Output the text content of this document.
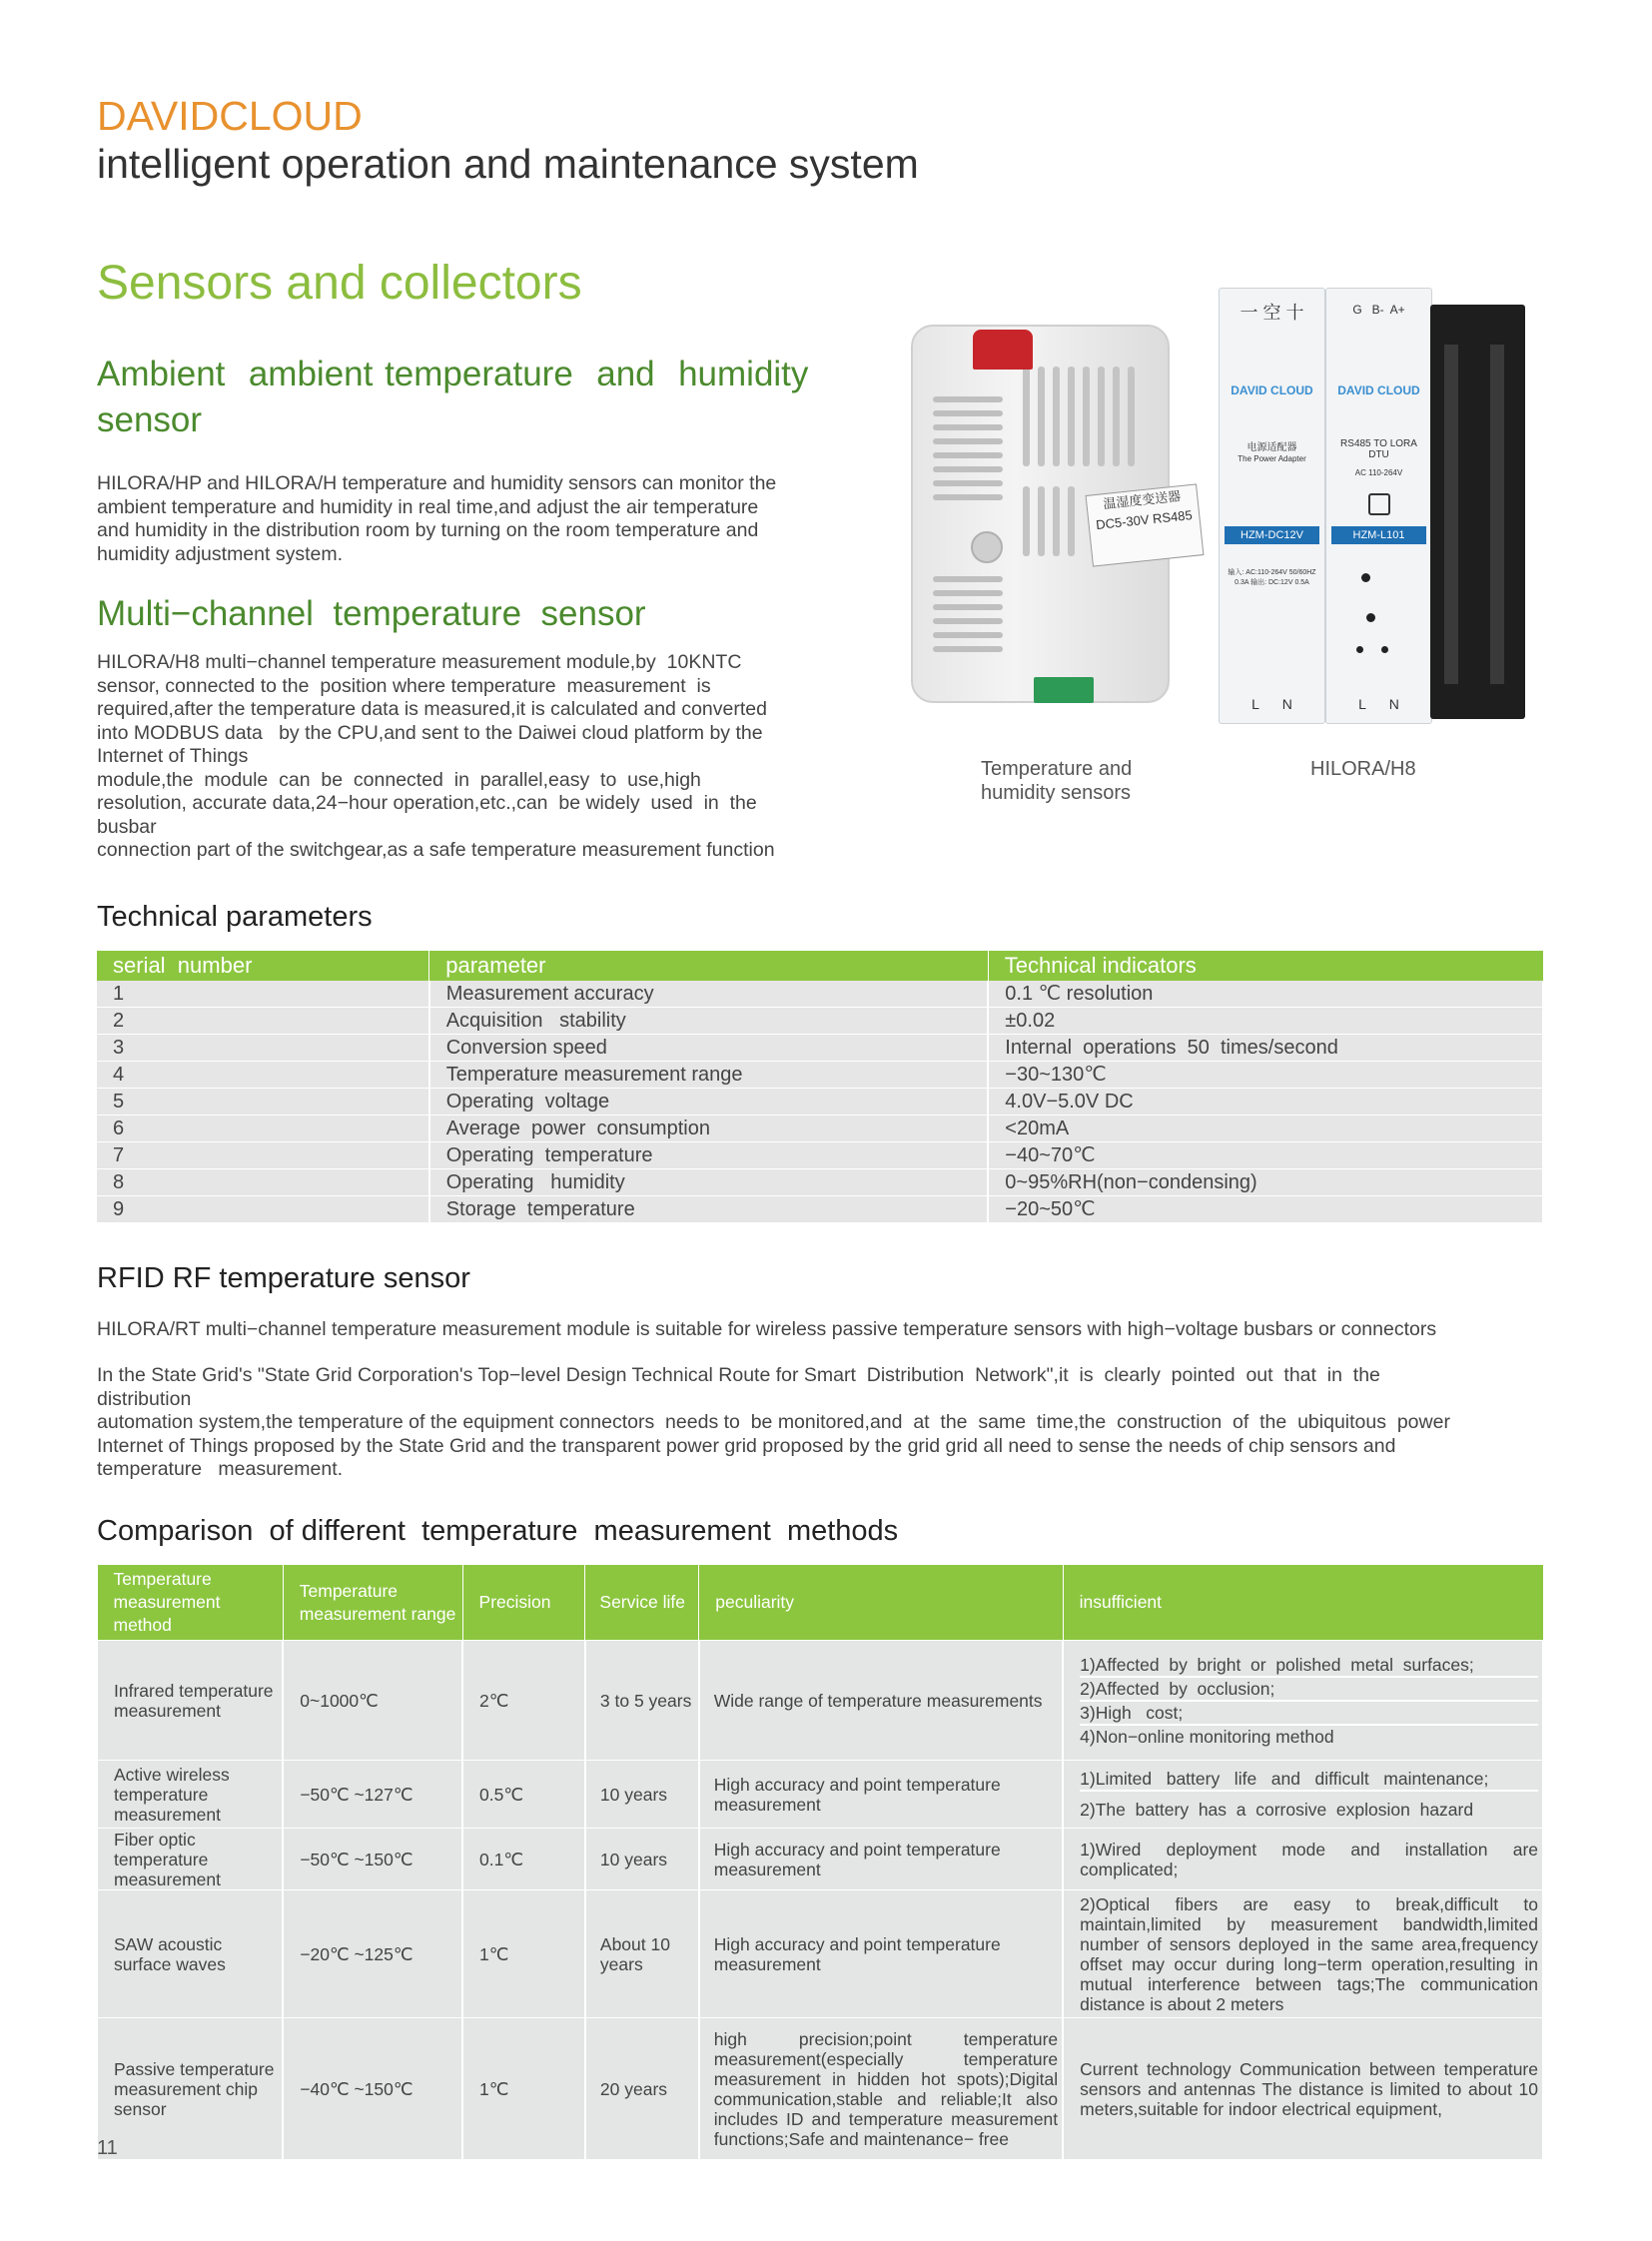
DAVIDCLOUD
intelligent operation and maintenance system
Sensors and collectors
Ambient  ambient temperature  and  humidity
sensor

HILORA/HP and HILORA/H temperature and humidity sensors can monitor the

ambient temperature and humidity in real time,and adjust the air temperature

and humidity in the distribution room by turning on the room temperature and

humidity adjustment system.

Multi−channel  temperature  sensor

HILORA/H8 multi−channel temperature measurement module,by  10KNTC

sensor, connected to the  position where temperature  measurement  is

required,after the temperature data is measured,it is calculated and converted

into MODBUS data   by the CPU,and sent to the Daiwei cloud platform by the

Internet of Things

module,the  module  can  be  connected  in  parallel,easy  to  use,high

resolution, accurate data,24−hour operation,etc.,can  be widely  used  in  the

busbar

connection part of the switchgear,as a safe temperature measurement function

温湿度变送器
DC5-30V RS485
一 空 十
DAVID CLOUD
电源适配器
The Power Adapter
HZM-DC12V
输入: AC:110-264V 50/60HZ 0.3A 输出: DC:12V 0.5A
L      N
G   B-  A+
DAVID CLOUD
RS485 TO LORA DTU
AC 110-264V
HZM-L101
L      N
Temperature and
humidity sensors
HILORA/H8
Technical parameters
serial  number	parameter	Technical indicators
1	Measurement accuracy	0.1 ℃ resolution
2	Acquisition   stability	±0.02
3	Conversion speed	Internal  operations  50  times/second
4	Temperature measurement range	−30~130℃
5	Operating  voltage	4.0V−5.0V DC
6	Average  power  consumption	<20mA
7	Operating  temperature	−40~70℃
8	Operating   humidity	0~95%RH(non−condensing)
9	Storage  temperature	−20~50℃
RFID RF temperature sensor
HILORA/RT multi−channel temperature measurement module is suitable for wireless passive temperature sensors with high−voltage busbars or connectors

In the State Grid's "State Grid Corporation's Top−level Design Technical Route for Smart  Distribution  Network",it  is  clearly  pointed  out  that  in  the

distribution

automation system,the temperature of the equipment connectors  needs to  be monitored,and  at  the  same  time,the  construction  of  the  ubiquitous  power

Internet of Things proposed by the State Grid and the transparent power grid proposed by the grid grid all need to sense the needs of chip sensors and

temperature   measurement.

Comparison  of different  temperature  measurement  methods
Temperature measurement method	Temperature measurement range	Precision	Service life	peculiarity	insufficient
Infrared temperature measurement	0~1000℃	2℃	3 to 5 years	Wide range of temperature measurements	1)Affected  by  bright  or  polished  metal  surfaces;
2)Affected  by  occlusion;
3)High   cost;
4)Non−online monitoring method

Active wireless temperature measurement	−50℃ ~127℃	0.5℃	10 years	High accuracy and point temperature measurement	1)Limited   battery   life   and   difficult   maintenance;
2)The  battery  has  a  corrosive  explosion  hazard

Fiber optic temperature measurement	−50℃ ~150℃	0.1℃	10 years	High accuracy and point temperature measurement	1)Wired deployment mode and installation are complicated;
SAW acoustic surface waves	−20℃ ~125℃	1℃	About 10 years	High accuracy and point temperature measurement	2)Optical fibers are easy to break,difficult to maintain,limited by measurement bandwidth,limited number of sensors deployed in the same area,frequency offset may occur during long−term operation,resulting in mutual interference between tags;The communication distance is about 2 meters
Passive temperature measurement chip sensor	−40℃ ~150℃	1℃	20 years	high precision;point temperature measurement(especially temperature measurement in hidden hot spots);Digital communication,stable and reliable;It also includes ID and temperature measurement functions;Safe and maintenance− free	Current technology Communication between temperature sensors and antennas The distance is limited to about 10 meters,suitable for indoor electrical equipment,
11
